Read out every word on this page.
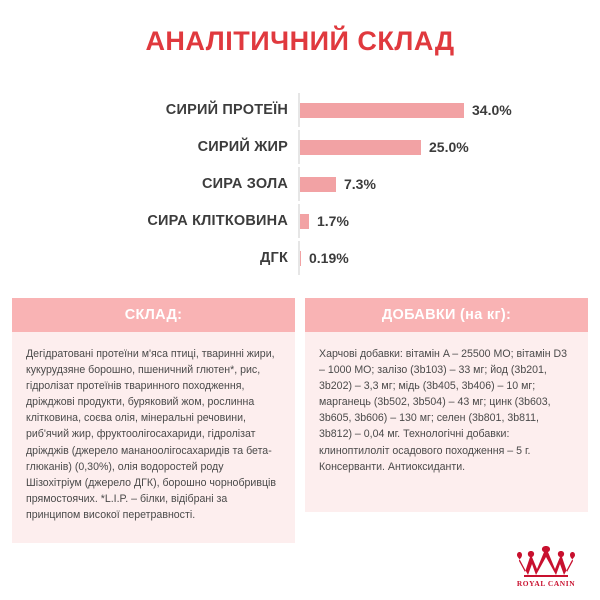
АНАЛІТИЧНИЙ СКЛАД
СИРИЙ ПРОТЕЇН	34.0%
СИРИЙ ЖИР	25.0%
СИРА ЗОЛА	7.3%
СИРА КЛІТКОВИНА	1.7%
ДГК	0.19%
СКЛАД:
Дегідратовані протеїни м'яса птиці, тваринні жири, кукурудзяне борошно, пшеничний глютен*, рис, гідролізат протеїнів тваринного походження, дріжджові продукти, буряковий жом, рослинна клітковина, соєва олія, мінеральні речовини, риб'ячий жир, фруктоолігосахариди, гідролізат дріжджів (джерело мананоолігосахаридів та бета-глюканів) (0,30%), олія водоростей роду Шізохітріум (джерело ДГК), борошно чорнобривців прямостоячих. *L.I.P. – білки, відібрані за принципом високої перетравності.
ДОБАВКИ (на кг):
Харчові добавки: вітамін A – 25500 МО; вітамін D3 – 1000 МО; залізо (3b103) – 33 мг; йод (3b201, 3b202) – 3,3 мг; мідь (3b405, 3b406) – 10 мг; марганець (3b502, 3b504) – 43 мг; цинк (3b603, 3b605, 3b606) – 130 мг; селен (3b801, 3b811, 3b812) – 0,04 мг. Технологічні добавки: клиноптилоліт осадового походження – 5 г. Консерванти. Антиоксиданти.
ROYAL CANIN
